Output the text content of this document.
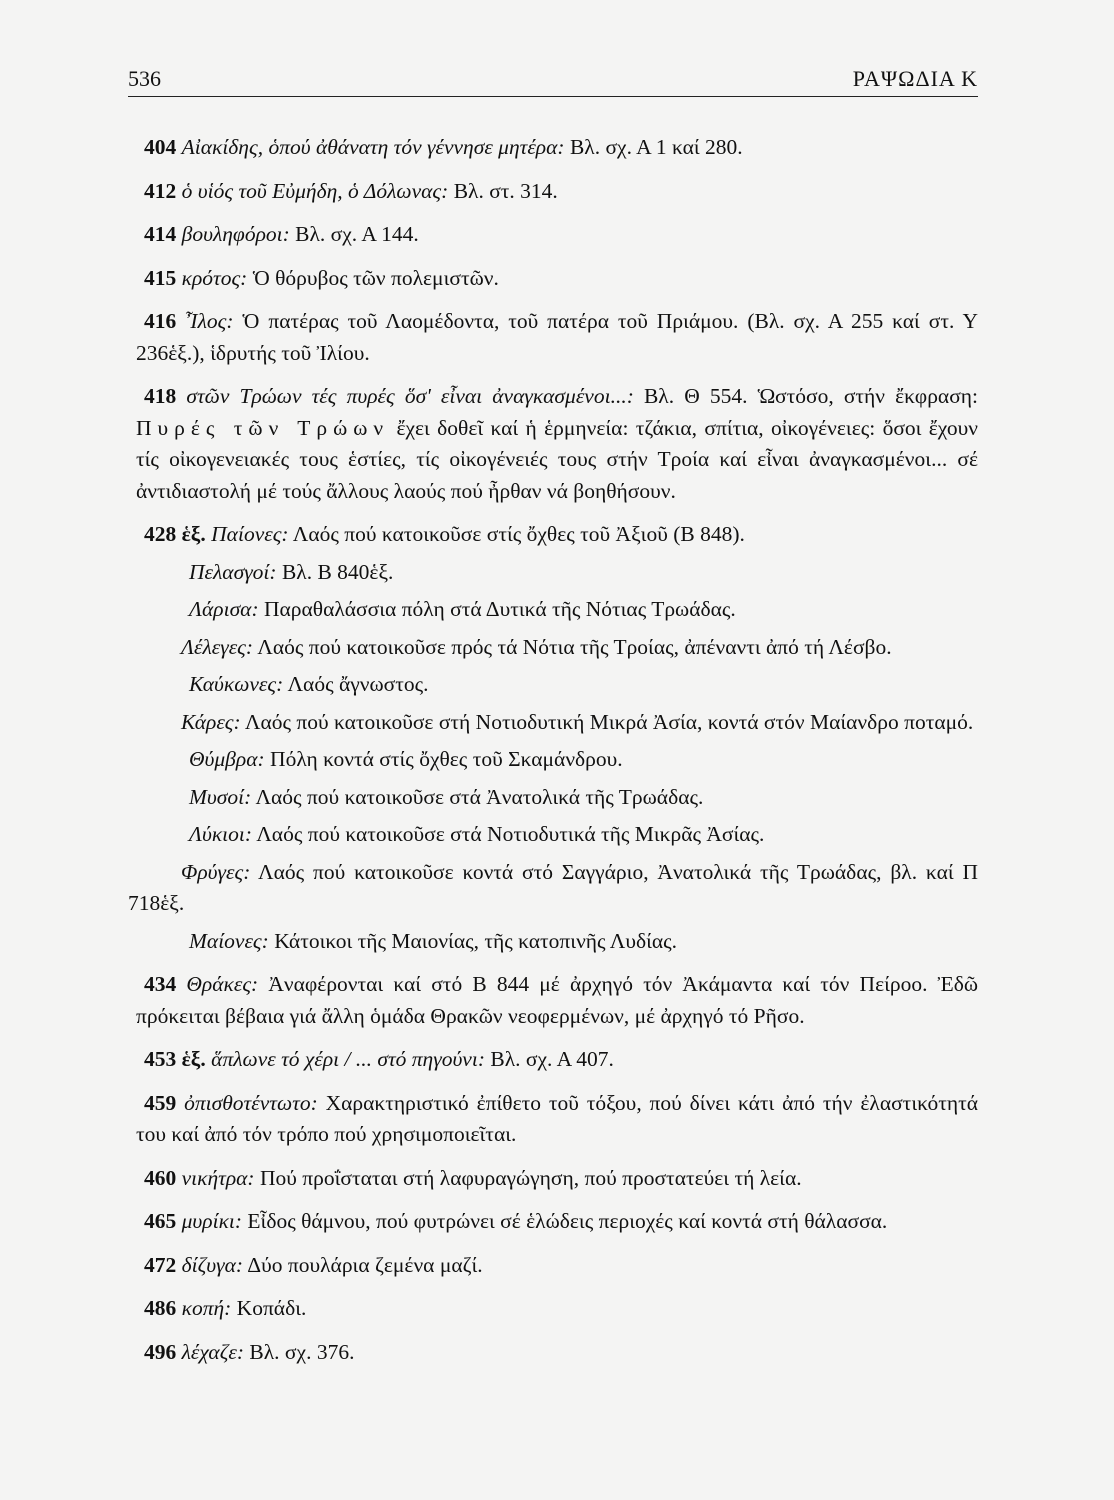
536	ΡΑΨΩΔΙΑ Κ

404 Αἰακίδης, ὁπού ἀθάνατη τόν γέννησε μητέρα: Βλ. σχ. Α 1 καί 280.

412 ὁ υἱός τοῦ Εὐμήδη, ὁ Δόλωνας: Βλ. στ. 314.

414 βουληφόροι: Βλ. σχ. Α 144.

415 κρότος: Ὁ θόρυβος τῶν πολεμιστῶν.

416 Ἶλος: Ὁ πατέρας τοῦ Λαομέδοντα, τοῦ πατέρα τοῦ Πριάμου. (Βλ. σχ. Α 255 καί στ. Υ 236ἑξ.), ἱδρυτής τοῦ Ἰλίου.

418 στῶν Τρώων τές πυρές ὅσ' εἶναι ἀναγκασμένοι...: Βλ. Θ 554. Ὡστόσο, στήν ἔκφραση: Πυρές τῶν Τρώων ἔχει δοθεῖ καί ἡ ἑρμηνεία: τζάκια, σπίτια, οἰκογένειες: ὅσοι ἔχουν τίς οἰκογενειακές τους ἑστίες, τίς οἰκογένειές τους στήν Τροία καί εἶναι ἀναγκασμένοι... σέ ἀντιδιαστολή μέ τούς ἄλλους λαούς πού ἦρθαν νά βοηθήσουν.

428 ἑξ. Παίονες: Λαός πού κατοικοῦσε στίς ὄχθες τοῦ Ἀξιοῦ (Β 848).

Πελασγοί: Βλ. Β 840ἑξ.

Λάρισα: Παραθαλάσσια πόλη στά Δυτικά τῆς Νότιας Τρωάδας.

Λέλεγες: Λαός πού κατοικοῦσε πρός τά Νότια τῆς Τροίας, ἀπέναντι ἀπό τή Λέσβο.

Καύκωνες: Λαός ἄγνωστος.

Κάρες: Λαός πού κατοικοῦσε στή Νοτιοδυτική Μικρά Ἀσία, κοντά στόν Μαίανδρο ποταμό.

Θύμβρα: Πόλη κοντά στίς ὄχθες τοῦ Σκαμάνδρου.

Μυσοί: Λαός πού κατοικοῦσε στά Ἀνατολικά τῆς Τρωάδας.

Λύκιοι: Λαός πού κατοικοῦσε στά Νοτιοδυτικά τῆς Μικρᾶς Ἀσίας.

Φρύγες: Λαός πού κατοικοῦσε κοντά στό Σαγγάριο, Ἀνατολικά τῆς Τρωάδας, βλ. καί Π 718ἑξ.

Μαίονες: Κάτοικοι τῆς Μαιονίας, τῆς κατοπινῆς Λυδίας.

434 Θράκες: Ἀναφέρονται καί στό Β 844 μέ ἀρχηγό τόν Ἀκάμαντα καί τόν Πείροο. Ἐδῶ πρόκειται βέβαια γιά ἄλλη ὁμάδα Θρακῶν νεοφερμένων, μέ ἀρχηγό τό Ρῆσο.

453 ἑξ. ἅπλωνε τό χέρι / ... στό πηγούνι: Βλ. σχ. Α 407.

459 ὀπισθοτέντωτο: Χαρακτηριστικό ἐπίθετο τοῦ τόξου, πού δίνει κάτι ἀπό τήν ἐλαστικότητά του καί ἀπό τόν τρόπο πού χρησιμοποιεῖται.

460 νικήτρα: Πού προΐσταται στή λαφυραγώγηση, πού προστατεύει τή λεία.

465 μυρίκι: Εἶδος θάμνου, πού φυτρώνει σέ ἑλώδεις περιοχές καί κοντά στή θάλασσα.

472 δίζυγα: Δύο πουλάρια ζεμένα μαζί.

486 κοπή: Κοπάδι.

496 λέχαζε: Βλ. σχ. 376.
